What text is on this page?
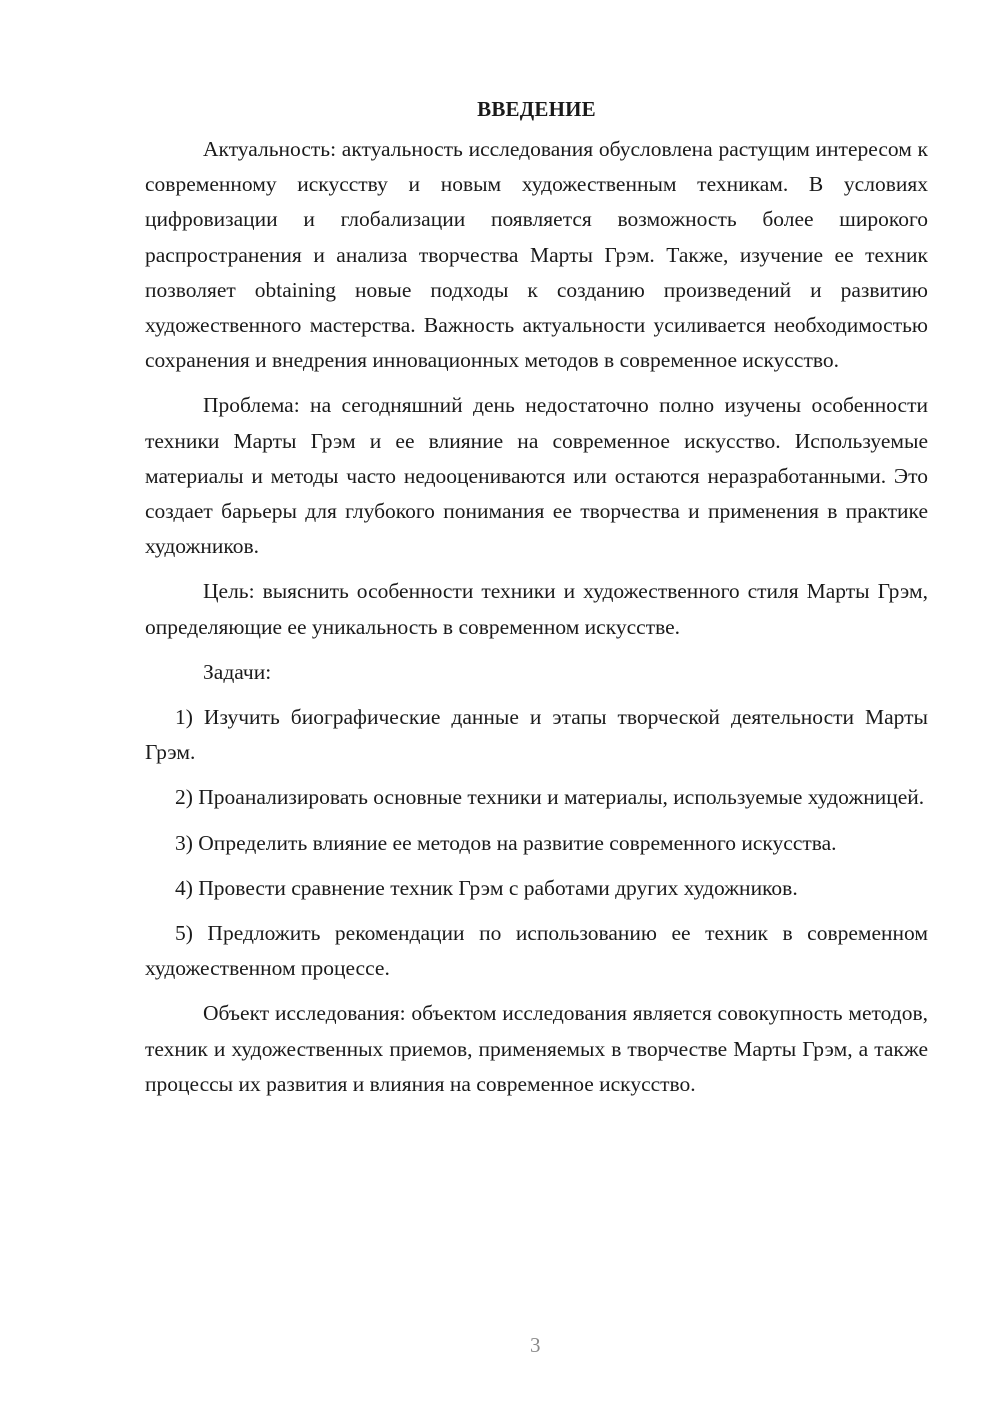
ВВЕДЕНИЕ

Актуальность: актуальность исследования обусловлена растущим интересом к современному искусству и новым художественным техникам. В условиях цифровизации и глобализации появляется возможность более широкого распространения и анализа творчества Марты Грэм. Также, изучение ее техник позволяет obtaining новые подходы к созданию произведений и развитию художественного мастерства. Важность актуальности усиливается необходимостью сохранения и внедрения инновационных методов в современное искусство.

Проблема: на сегодняшний день недостаточно полно изучены особенности техники Марты Грэм и ее влияние на современное искусство. Используемые материалы и методы часто недооцениваются или остаются неразработанными. Это создает барьеры для глубокого понимания ее творчества и применения в практике художников.

Цель: выяснить особенности техники и художественного стиля Марты Грэм, определяющие ее уникальность в современном искусстве.

Задачи:

1) Изучить биографические данные и этапы творческой деятельности Марты Грэм.

2) Проанализировать основные техники и материалы, используемые художницей.

3) Определить влияние ее методов на развитие современного искусства.

4) Провести сравнение техник Грэм с работами других художников.

5) Предложить рекомендации по использованию ее техник в современном художественном процессе.

Объект исследования: объектом исследования является совокупность методов, техник и художественных приемов, применяемых в творчестве Марты Грэм, а также процессы их развития и влияния на современное искусство.

3
